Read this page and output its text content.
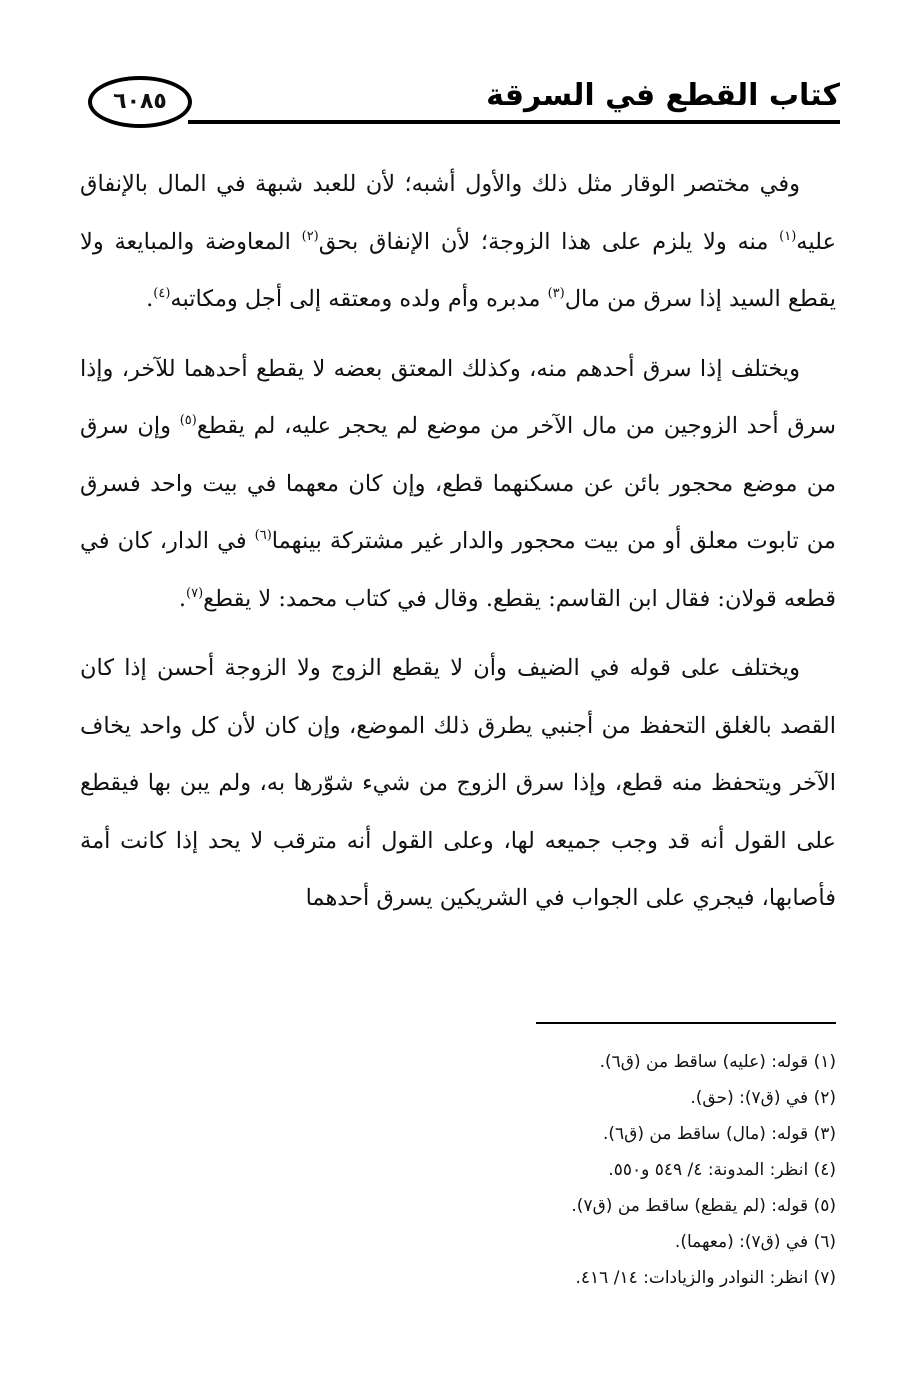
كتاب القطع في السرقة
٦٠٨٥

وفي مختصر الوقار مثل ذلك والأول أشبه؛ لأن للعبد شبهة في المال بالإنفاق عليه$^{(١)}$ منه ولا يلزم على هذا الزوجة؛ لأن الإنفاق بحق$^{(٢)}$ المعاوضة والمبايعة ولا يقطع السيد إذا سرق من مال$^{(٣)}$ مدبره وأم ولده ومعتقه إلى أجل ومكاتبه$^{(٤)}$.

ويختلف إذا سرق أحدهم منه، وكذلك المعتق بعضه لا يقطع أحدهما للآخر، وإذا سرق أحد الزوجين من مال الآخر من موضع لم يحجر عليه، لم يقطع$^{(٥)}$ وإن سرق من موضع محجور بائن عن مسكنهما قطع، وإن كان معهما في بيت واحد فسرق من تابوت معلق أو من بيت محجور والدار غير مشتركة بينهما$^{(٦)}$ في الدار، كان في قطعه قولان: فقال ابن القاسم: يقطع. وقال في كتاب محمد: لا يقطع$^{(٧)}$.

ويختلف على قوله في الضيف وأن لا يقطع الزوج ولا الزوجة أحسن إذا كان القصد بالغلق التحفظ من أجنبي يطرق ذلك الموضع، وإن كان لأن كل واحد يخاف الآخر ويتحفظ منه قطع، وإذا سرق الزوج من شيء شوّرها به، ولم يبن بها فيقطع على القول أنه قد وجب جميعه لها، وعلى القول أنه مترقب لا يحد إذا كانت أمة فأصابها، فيجري على الجواب في الشريكين يسرق أحدهما

(١) قوله: (عليه) ساقط من (ق٦).
(٢) في (ق٧): (حق).
(٣) قوله: (مال) ساقط من (ق٦).
(٤) انظر: المدونة: ٤/ ٥٤٩ و٥٥٠.
(٥) قوله: (لم يقطع) ساقط من (ق٧).
(٦) في (ق٧): (معهما).
(٧) انظر: النوادر والزيادات: ١٤/ ٤١٦.
